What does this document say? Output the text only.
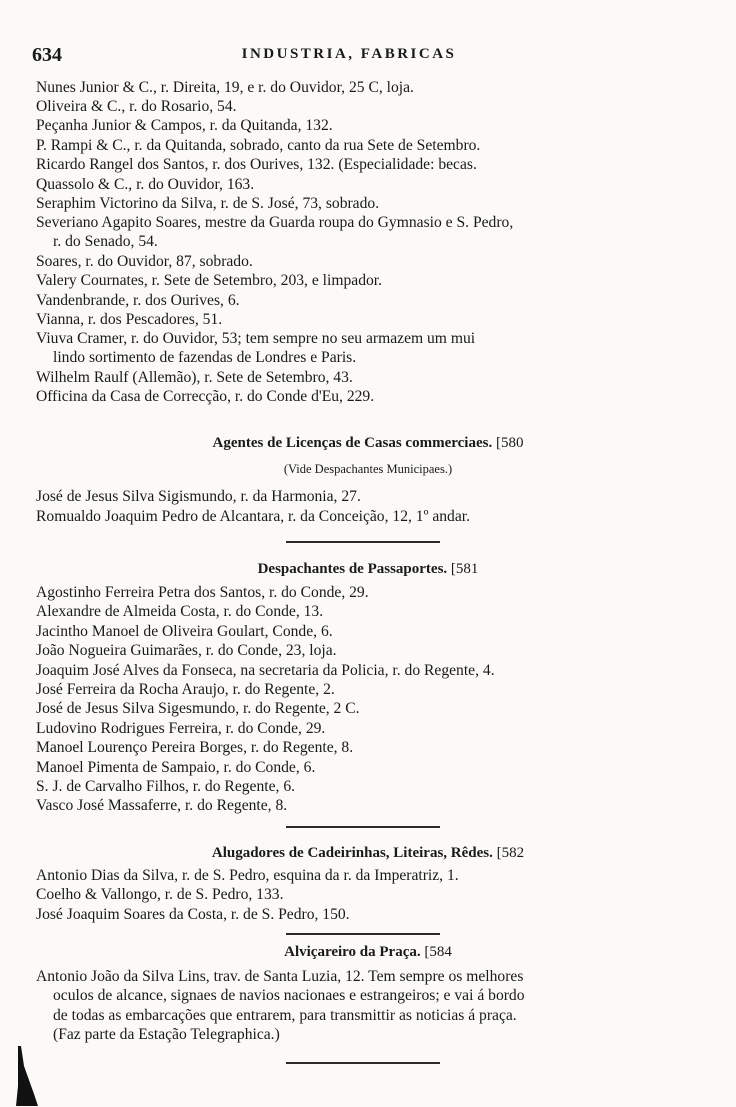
634	INDUSTRIA, FABRICAS
Nunes Junior & C., r. Direita, 19, e r. do Ouvidor, 25 C, loja.
Oliveira & C., r. do Rosario, 54.
Peçanha Junior & Campos, r. da Quitanda, 132.
P. Rampi & C., r. da Quitanda, sobrado, canto da rua Sete de Setembro.
Ricardo Rangel dos Santos, r. dos Ourives, 132. (Especialidade: becas.
Quassolo & C., r. do Ouvidor, 163.
Seraphim Victorino da Silva, r. de S. José, 73, sobrado.
Severiano Agapito Soares, mestre da Guarda roupa do Gymnasio e S. Pedro,
r. do Senado, 54.
Soares, r. do Ouvidor, 87, sobrado.
Valery Cournates, r. Sete de Setembro, 203, e limpador.
Vandenbrande, r. dos Ourives, 6.
Vianna, r. dos Pescadores, 51.
Viuva Cramer, r. do Ouvidor, 53; tem sempre no seu armazem um mui
lindo sortimento de fazendas de Londres e Paris.
Wilhelm Raulf (Allemão), r. Sete de Setembro, 43.
Officina da Casa de Correcção, r. do Conde d'Eu, 229.
Agentes de Licenças de Casas commerciaes. [580
(Vide Despachantes Municipaes.)
José de Jesus Silva Sigismundo, r. da Harmonia, 27.
Romualdo Joaquim Pedro de Alcantara, r. da Conceição, 12, 1º andar.
Despachantes de Passaportes. [581
Agostinho Ferreira Petra dos Santos, r. do Conde, 29.
Alexandre de Almeida Costa, r. do Conde, 13.
Jacintho Manoel de Oliveira Goulart, Conde, 6.
João Nogueira Guimarães, r. do Conde, 23, loja.
Joaquim José Alves da Fonseca, na secretaria da Policia, r. do Regente, 4.
José Ferreira da Rocha Araujo, r. do Regente, 2.
José de Jesus Silva Sigesmundo, r. do Regente, 2 C.
Ludovino Rodrigues Ferreira, r. do Conde, 29.
Manoel Lourenço Pereira Borges, r. do Regente, 8.
Manoel Pimenta de Sampaio, r. do Conde, 6.
S. J. de Carvalho Filhos, r. do Regente, 6.
Vasco José Massaferre, r. do Regente, 8.
Alugadores de Cadeirinhas, Liteiras, Rêdes. [582
Antonio Dias da Silva, r. de S. Pedro, esquina da r. da Imperatriz, 1.
Coelho & Vallongo, r. de S. Pedro, 133.
José Joaquim Soares da Costa, r. de S. Pedro, 150.
Alviçareiro da Praça. [584
Antonio João da Silva Lins, trav. de Santa Luzia, 12. Tem sempre os melhores
oculos de alcance, signaes de navios nacionaes e estrangeiros; e vai á bordo
de todas as embarcações que entrarem, para transmittir as noticias á praça.
(Faz parte da Estação Telegraphica.)
